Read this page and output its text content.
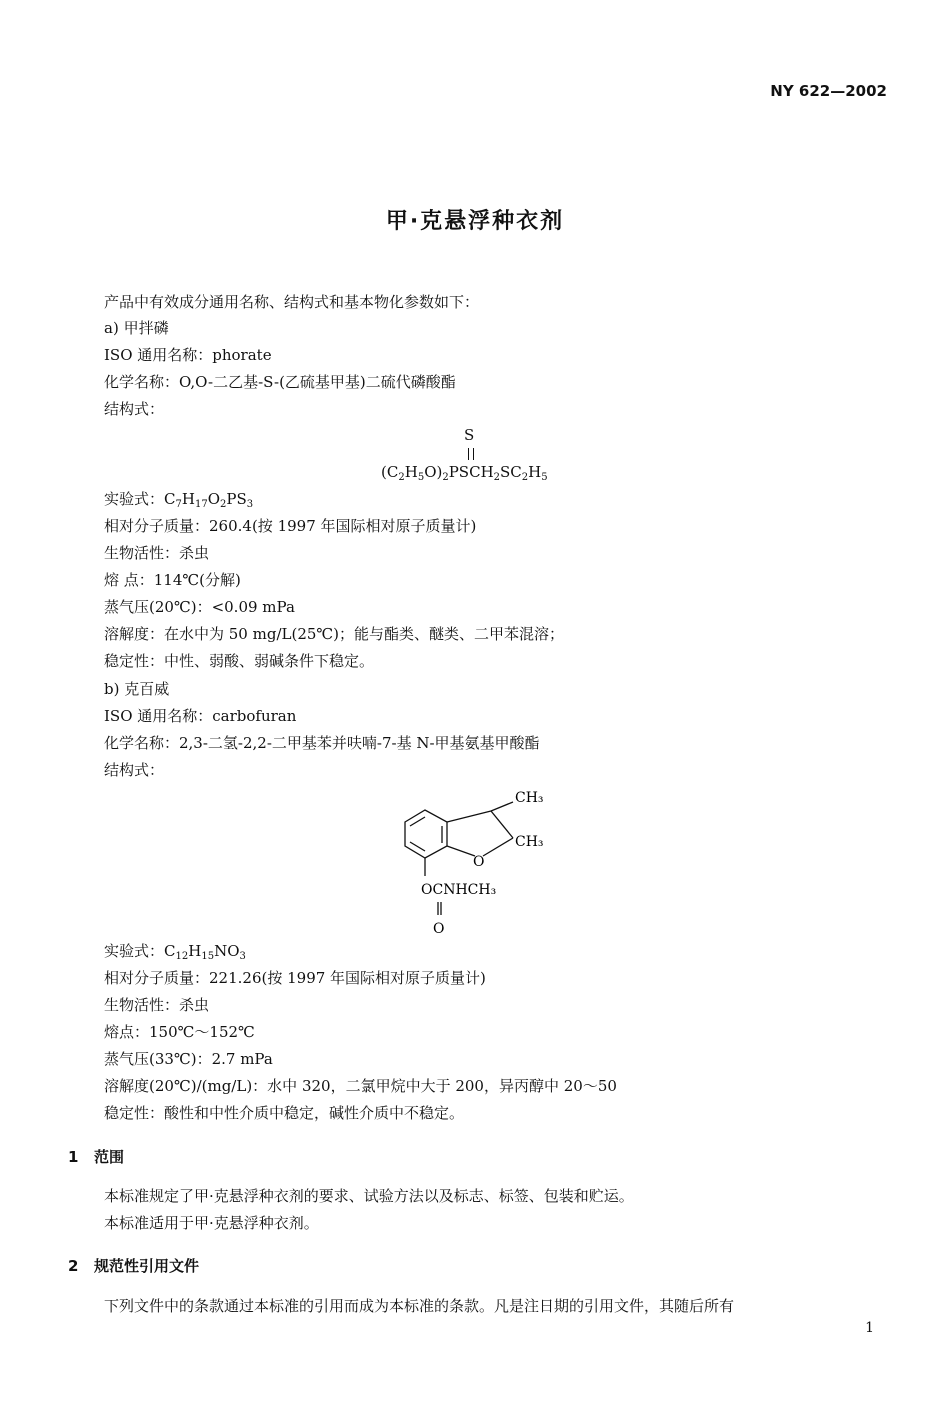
NY 622—2002
甲·克悬浮种衣剂
产品中有效成分通用名称、结构式和基本物化参数如下：
a) 甲拌磷
ISO 通用名称：phorate
化学名称：O,O-二乙基-S-(乙硫基甲基)二硫代磷酸酯
结构式：
S
$(C_2H_5O)_2PSCH_2SC_2H_5$
实验式：$C_7H_{17}O_2PS_3$
相对分子质量：260.4(按 1997 年国际相对原子质量计)
生物活性：杀虫
熔 点：114℃(分解)
蒸气压(20℃)：<0.09 mPa
溶解度：在水中为 50 mg/L(25℃)；能与酯类、醚类、二甲苯混溶；
稳定性：中性、弱酸、弱碱条件下稳定。
b) 克百威
ISO 通用名称：carbofuran
化学名称：2,3-二氢-2,2-二甲基苯并呋喃-7-基 N-甲基氨基甲酸酯
结构式：
CH₃
CH₃
O
OCNHCH₃
O
实验式：$C_{12}H_{15}NO_3$
相对分子质量：221.26(按 1997 年国际相对原子质量计)
生物活性：杀虫
熔点：150℃～152℃
蒸气压(33℃)：2.7 mPa
溶解度(20℃)/(mg/L)：水中 320，二氯甲烷中大于 200，异丙醇中 20～50
稳定性：酸性和中性介质中稳定，碱性介质中不稳定。
1 范围
本标准规定了甲·克悬浮种衣剂的要求、试验方法以及标志、标签、包装和贮运。
本标准适用于甲·克悬浮种衣剂。
2 规范性引用文件
下列文件中的条款通过本标准的引用而成为本标准的条款。凡是注日期的引用文件，其随后所有
1
